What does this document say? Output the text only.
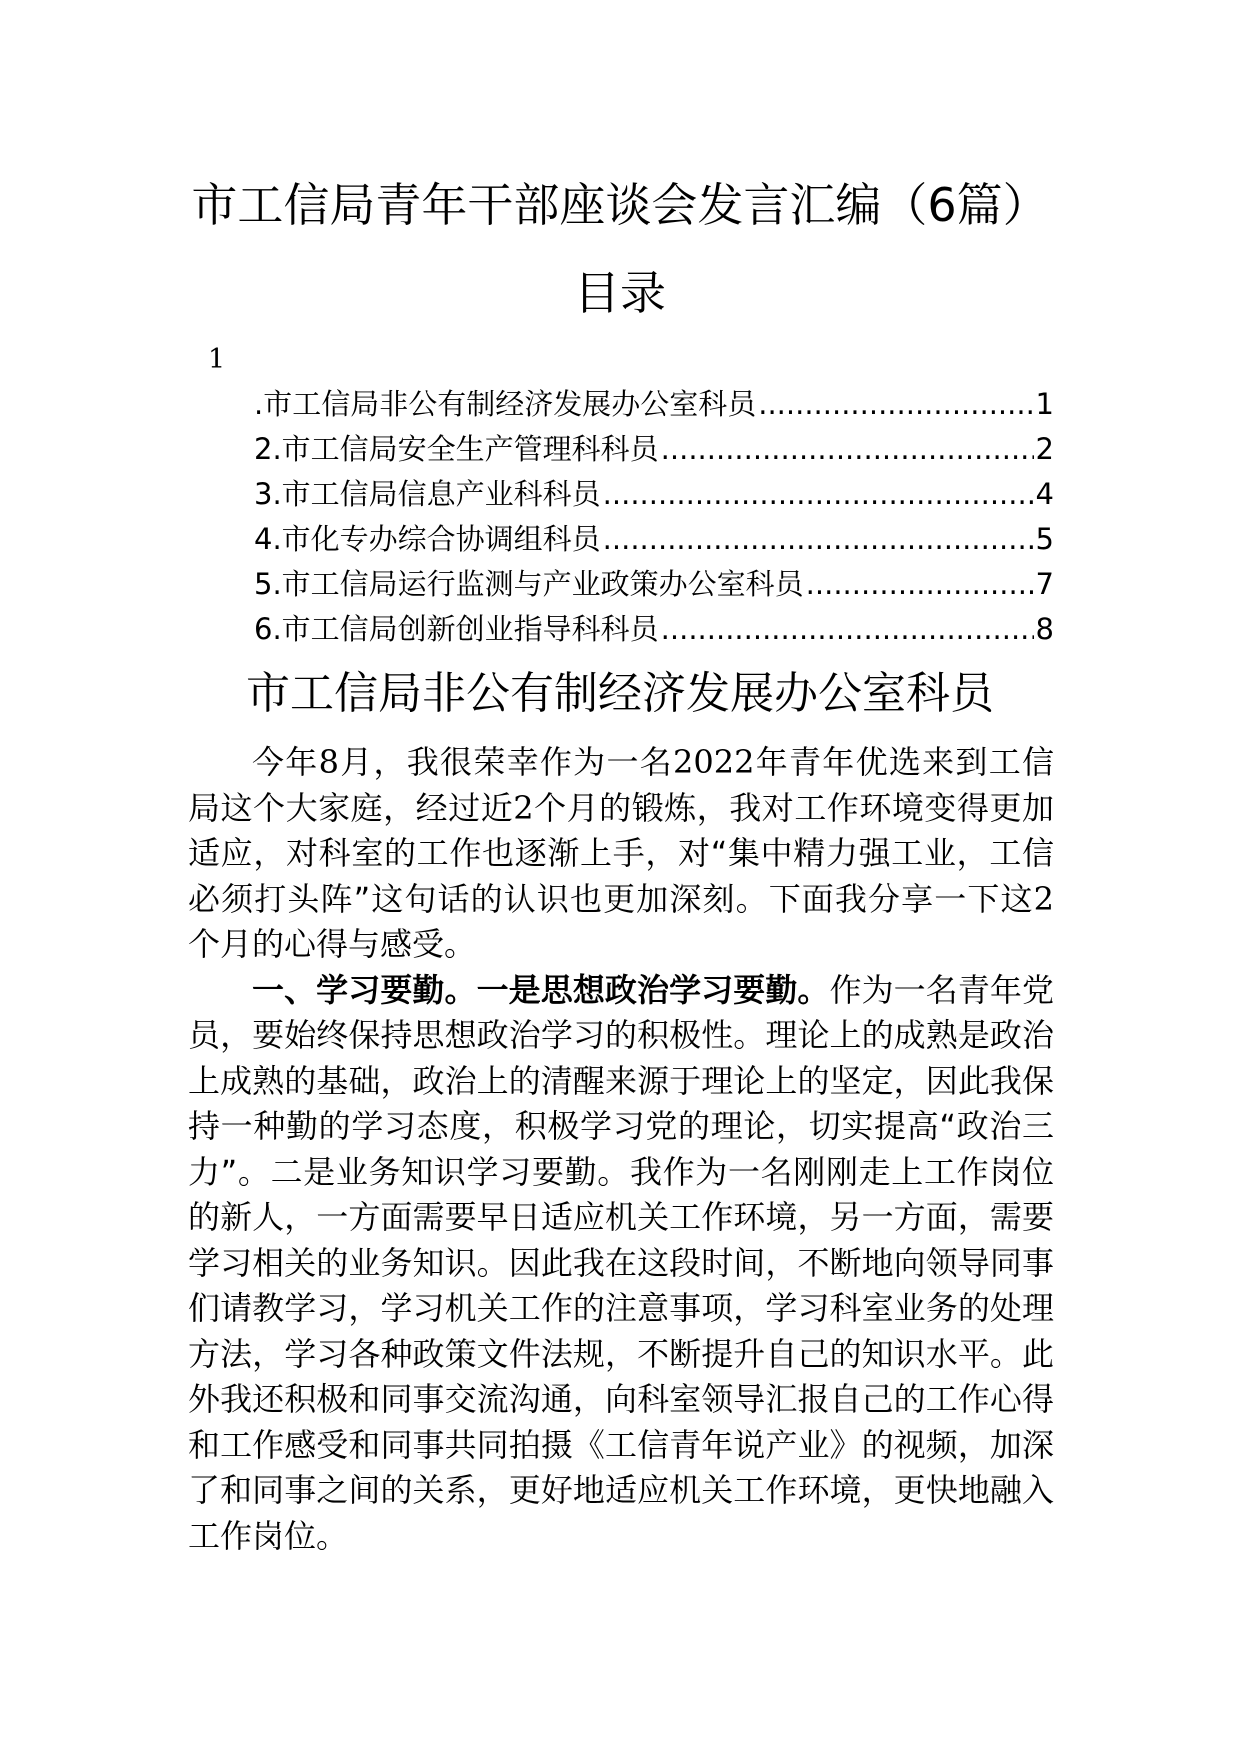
市工信局青年干部座谈会发言汇编（6篇）
目录
1
.市工信局非公有制经济发展办公室科员 .....	1
2.市工信局安全生产管理科科员 .....	2
3.市工信局信息产业科科员 .....	4
4.市化专办综合协调组科员 .....	5
5.市工信局运行监测与产业政策办公室科员 .....	7
6.市工信局创新创业指导科科员 .....	8
市工信局非公有制经济发展办公室科员

今年8月，我很荣幸作为一名2022年青年优选来到工信局这个大家庭，经过近2个月的锻炼，我对工作环境变得更加适应，对科室的工作也逐渐上手，对“集中精力强工业，工信必须打头阵”这句话的认识也更加深刻。下面我分享一下这2个月的心得与感受。

一、学习要勤。一是思想政治学习要勤。作为一名青年党员，要始终保持思想政治学习的积极性。理论上的成熟是政治上成熟的基础，政治上的清醒来源于理论上的坚定，因此我保持一种勤的学习态度，积极学习党的理论，切实提高“政治三力”。二是业务知识学习要勤。我作为一名刚刚走上工作岗位的新人，一方面需要早日适应机关工作环境，另一方面，需要学习相关的业务知识。因此我在这段时间，不断地向领导同事们请教学习，学习机关工作的注意事项，学习科室业务的处理方法，学习各种政策文件法规，不断提升自己的知识水平。此外我还积极和同事交流沟通，向科室领导汇报自己的工作心得和工作感受和同事共同拍摄《工信青年说产业》的视频，加深了和同事之间的关系，更好地适应机关工作环境，更快地融入工作岗位。
